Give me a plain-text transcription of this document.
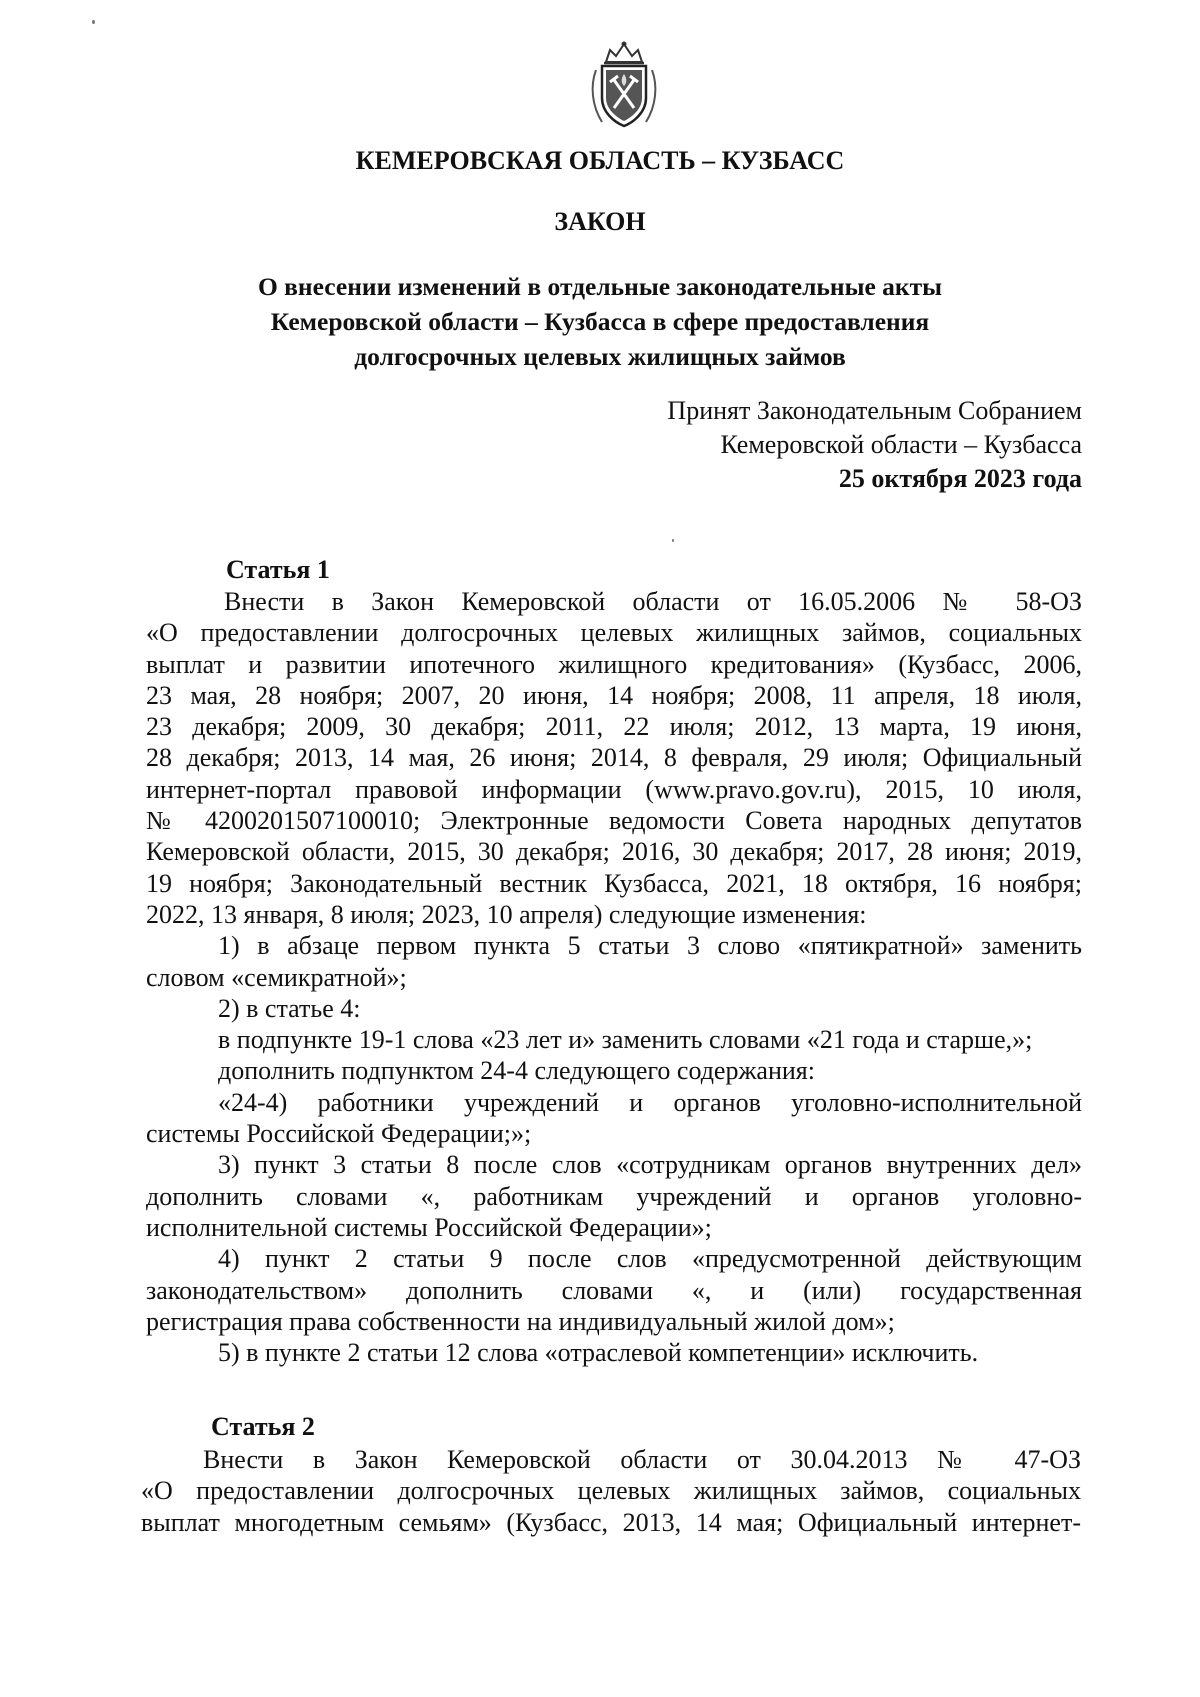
КЕМЕРОВСКАЯ ОБЛАСТЬ – КУЗБАСС
ЗАКОН
О внесении изменений в отдельные законодательные акты
Кемеровской области – Кузбасса в сфере предоставления
долгосрочных целевых жилищных займов
Принят Законодательным Собранием
Кемеровской области – Кузбасса
25 октября 2023 года
Статья 1
Внести в Закон Кемеровской области от 16.05.2006 № 58-ОЗ
«О предоставлении долгосрочных целевых жилищных займов, социальных
выплат и развитии ипотечного жилищного кредитования» (Кузбасс, 2006,
23 мая, 28 ноября; 2007, 20 июня, 14 ноября; 2008, 11 апреля, 18 июля,
23 декабря; 2009, 30 декабря; 2011, 22 июля; 2012, 13 марта, 19 июня,
28 декабря; 2013, 14 мая, 26 июня; 2014, 8 февраля, 29 июля; Официальный
интернет-портал правовой информации (www.pravo.gov.ru), 2015, 10 июля,
№ 4200201507100010; Электронные ведомости Совета народных депутатов
Кемеровской области, 2015, 30 декабря; 2016, 30 декабря; 2017, 28 июня; 2019,
19 ноября; Законодательный вестник Кузбасса, 2021, 18 октября, 16 ноября;
2022, 13 января, 8 июля; 2023, 10 апреля) следующие изменения:
1) в абзаце первом пункта 5 статьи 3 слово «пятикратной» заменить
словом «семикратной»;
2) в статье 4:
в подпункте 19-1 слова «23 лет и» заменить словами «21 года и старше,»;
дополнить подпунктом 24-4 следующего содержания:
«24-4) работники учреждений и органов уголовно-исполнительной
системы Российской Федерации;»;
3) пункт 3 статьи 8 после слов «сотрудникам органов внутренних дел»
дополнить словами «, работникам учреждений и органов уголовно-
исполнительной системы Российской Федерации»;
4) пункт 2 статьи 9 после слов «предусмотренной действующим
законодательством» дополнить словами «, и (или) государственная
регистрация права собственности на индивидуальный жилой дом»;
5) в пункте 2 статьи 12 слова «отраслевой компетенции» исключить.
Статья 2
Внести в Закон Кемеровской области от 30.04.2013 № 47-ОЗ
«О предоставлении долгосрочных целевых жилищных займов, социальных
выплат многодетным семьям» (Кузбасс, 2013, 14 мая; Официальный интернет-
